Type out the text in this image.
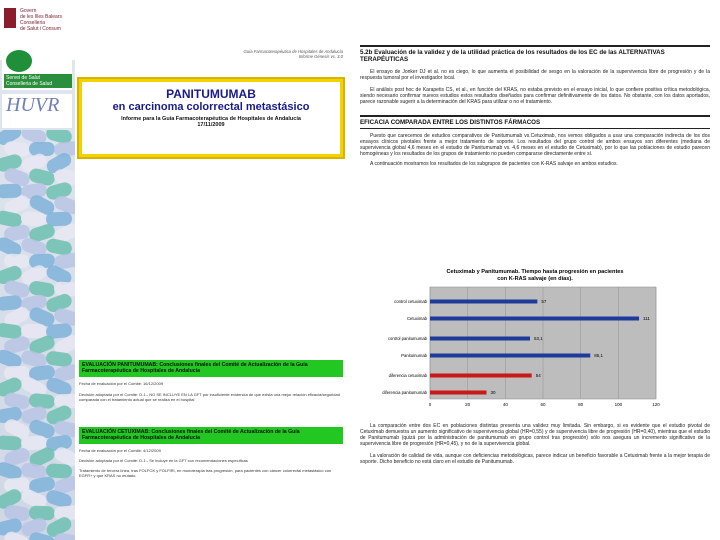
Govern
de les Illes Balears
Conselleria
de Salut i Consum
Servei de Salut
Conselleria de Salud
HUVR
Guía Farmacoterapéutica de Hospitales de Andalucía
Informe Génesis vs. 3.0
PANITUMUMAB
en carcinoma colorrectal metastásico
Informe para la Guía Farmacoterapéutica de Hospitales de Andalucía
17/11/2009
EVALUACIÓN PANITUMUMAB: Conclusiones finales del Comité de Actualización de la Guía Farmacoterapéutica de Hospitales de Andalucía
Fecha de evaluación por el Comité: 16/12/2009
Decisión adoptada por el Comité: D-1.- NO SE INCLUYE EN LA GFT por insuficiente evidencia de que exista una mejor relación eficacia/seguridad comparada con el tratamiento actual que se realiza en el hospital
EVALUACIÓN CETUXIMAB: Conclusiones finales del Comité de Actualización de la Guía Farmacoterapéutica de Hospitales de Andalucía
Fecha de evaluación por el Comité: 4/12/2009
Decisión adoptada por el Comité: D-1.- Se incluye en la GFT con recomendaciones específicas
Tratamiento de tercera línea, tras FOLFOX y FOLFIRI, en monoterapia tras progresión, para pacientes con cáncer colorrectal metastásico con EGFR+ y que KRAS no mutado.
5.2b Evaluación de la validez y de la utilidad práctica de los resultados de los EC de las ALTERNATIVAS TERAPÉUTICAS
El ensayo de Jonker DJ et al. no es ciego, lo que aumenta el posibilidad de sesgo en la valoración de la supervivencia libre de progresión y de la respuesta tumoral por el investigador local.
El análisis post hoc de Karapetis CS, et al., en función del KRAS, no estaba previsto en el ensayo inicial, lo que confiere positiva crítica metodológica, siendo necesario confirmar nuevos estudios estos resultados diseñados para confirmar definitivamente de los datos. No obstante, con los datos aportados, parece razonable sugerir a la determinación del KRAS para utilizar o no el tratamiento.
EFICACIA COMPARADA ENTRE LOS DISTINTOS FÁRMACOS
Puesto que carecemos de estudios comparativos de Panitumumab vs.Cetuximab, nos vemos obligados a usar una comparación indirecta de los dos ensayos clínicos pivotales frente a mejor tratamiento de soporte. Los resultados del grupo control de ambos ensayos son diferentes (mediana de supervivencia global 4,6 meses en el estudio de Panitumumab vs. 4,6 meses en el estudio de Cetuximab), por lo que las poblaciones de estudio parecen homogéneas y los resultados de los grupos de tratamiento no pueden compararse directamente entre sí.
A continuación mostramos los resultados de los subgrupos de pacientes con K-RAS salvaje en ambos estudios.
Cetuximab y Panitumumab. Tiempo hasta progresión en pacientes
con K-RAS salvaje (en días).
0	20	40	60	80	100	120
control cetuximab	57
Cetuximab	111
control panitumumab	53,1
Panitumumab	85,1
diferencia cetuximab	54
diferencia panitumumab	30
La comparación entre dos EC en poblaciones distintas presenta una validez muy limitada. Sin embargo, si es evidente que el estudio pivotal de Cetuximab demuestra un aumento significativo de supervivencia global (HR=0,55) y de supervivencia libre de progresión (HR=0,40), mientras que el estudio de Panitumumab (quizá por la administración de panitumumab en grupo control tras progresión) sólo nos asegura un incremento significativo de la supervivencia libre de progresión (HR=0,45), y no de la supervivencia global.
La valoración de calidad de vida, aunque con deficiencias metodológicas, parece indicar un beneficio favorable a Cetuximab frente a la mejor terapia de soporte. Dicho beneficio no está claro en el estudio de Panitumumab.
